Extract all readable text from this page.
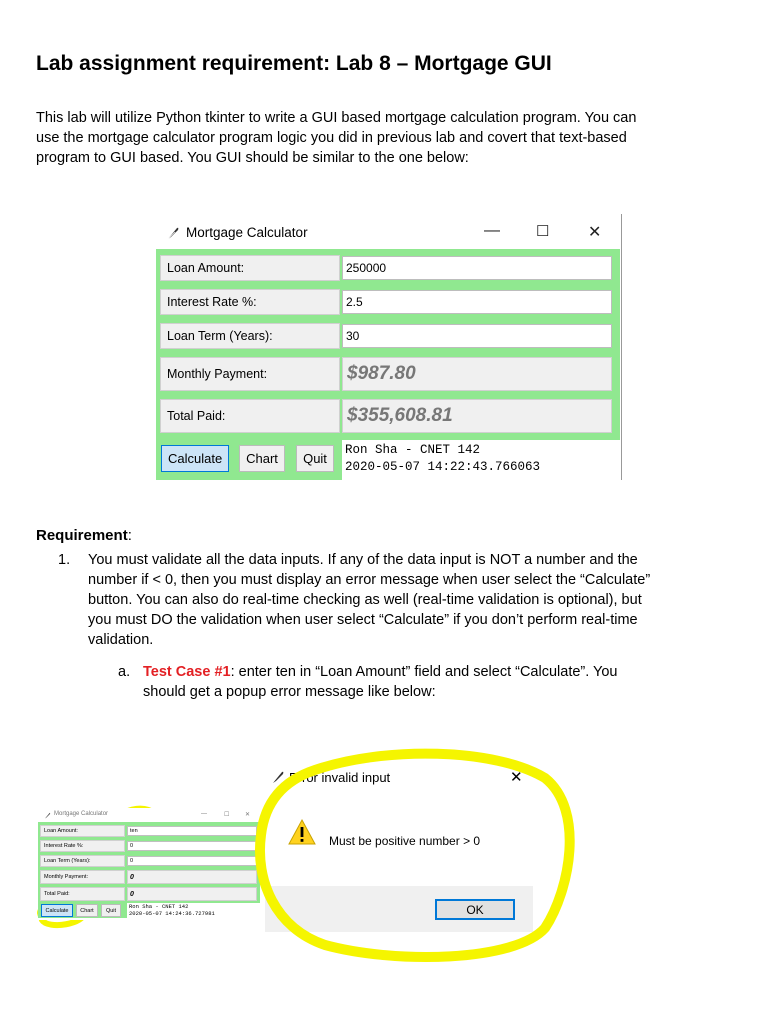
Lab assignment requirement: Lab 8 – Mortgage GUI
This lab will utilize Python tkinter to write a GUI based mortgage calculation program. You can
use the mortgage calculator program logic you did in previous lab and covert that text-based
program to GUI based. You GUI should be similar to the one below:
Mortgage Calculator	— ☐ ✕
Loan Amount:
250000
Interest Rate %:
2.5
Loan Term (Years):
30
Monthly Payment:	$987.80
Total Paid:	$355,608.81
Calculate	Chart	Quit
Ron Sha - CNET 142
2020-05-07 14:22:43.766063
Requirement:
1. You must validate all the data inputs. If any of the data input is NOT a number and the
number if < 0, then you must display an error message when user select the “Calculate”
button. You can also do real-time checking as well (real-time validation is optional), but
you must DO the validation when user select “Calculate” if you don’t perform real-time
validation.
a. Test Case #1: enter ten in “Loan Amount” field and select “Calculate”. You
should get a popup error message like below:
Mortgage Calculator	—	☐	✕
Loan Amount:
ten
Interest Rate %:
0
Loan Term (Years):
0
Monthly Payment:	0
Total Paid:	0
Calculate	Chart	Quit
Ron Sha - CNET 142
2020-05-07 14:24:36.727981
Error invalid input	✕
Must be positive number > 0
OK
